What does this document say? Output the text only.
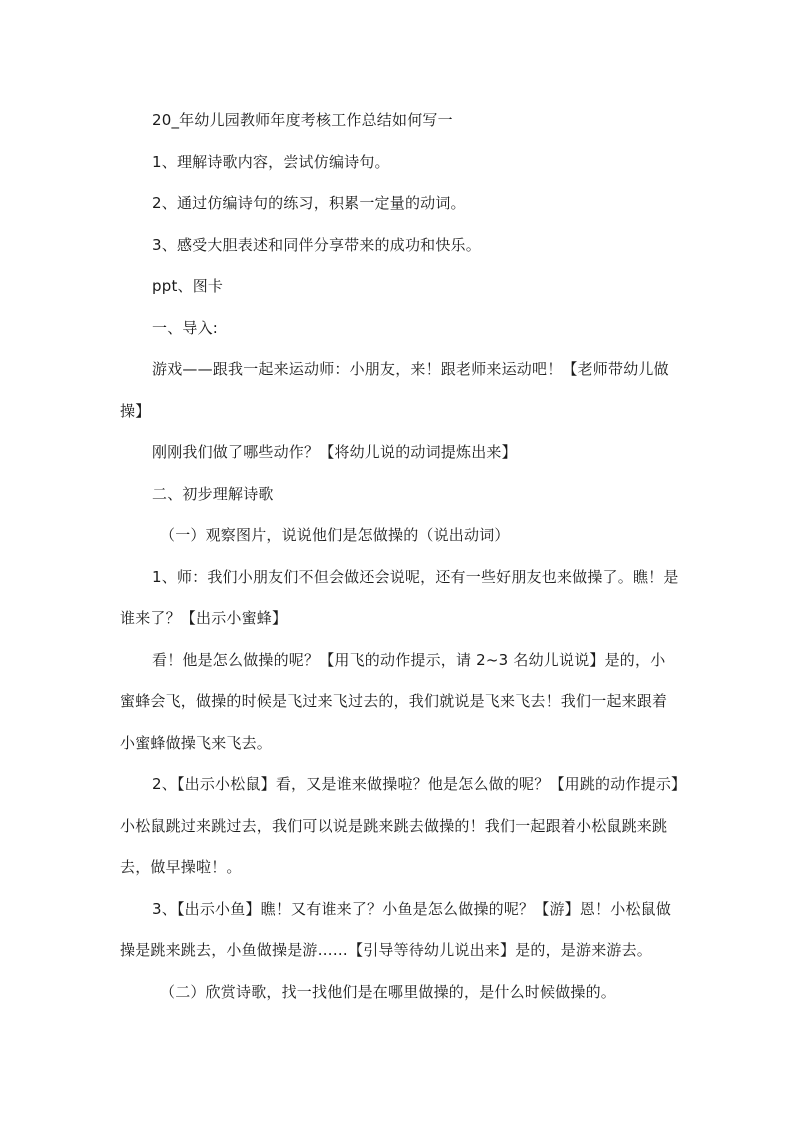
20_年幼儿园教师年度考核工作总结如何写一

1、理解诗歌内容，尝试仿编诗句。

2、通过仿编诗句的练习，积累一定量的动词。

3、感受大胆表述和同伴分享带来的成功和快乐。

ppt、图卡

一、导入:

游戏——跟我一起来运动师：小朋友，来！跟老师来运动吧！【老师带幼儿做操】

刚刚我们做了哪些动作？【将幼儿说的动词提炼出来】

二、初步理解诗歌

（一）观察图片，说说他们是怎做操的（说出动词）

1、师：我们小朋友们不但会做还会说呢，还有一些好朋友也来做操了。瞧！是谁来了？【出示小蜜蜂】

看！他是怎么做操的呢？【用飞的动作提示，请 2~3 名幼儿说说】是的，小蜜蜂会飞，做操的时候是飞过来飞过去的，我们就说是飞来飞去！我们一起来跟着小蜜蜂做操飞来飞去。

2、【出示小松鼠】看，又是谁来做操啦？他是怎么做的呢？【用跳的动作提示】小松鼠跳过来跳过去，我们可以说是跳来跳去做操的！我们一起跟着小松鼠跳来跳去，做早操啦！。

3、【出示小鱼】瞧！又有谁来了？小鱼是怎么做操的呢？【游】恩！小松鼠做操是跳来跳去，小鱼做操是游……【引导等待幼儿说出来】是的，是游来游去。

（二）欣赏诗歌，找一找他们是在哪里做操的，是什么时候做操的。
